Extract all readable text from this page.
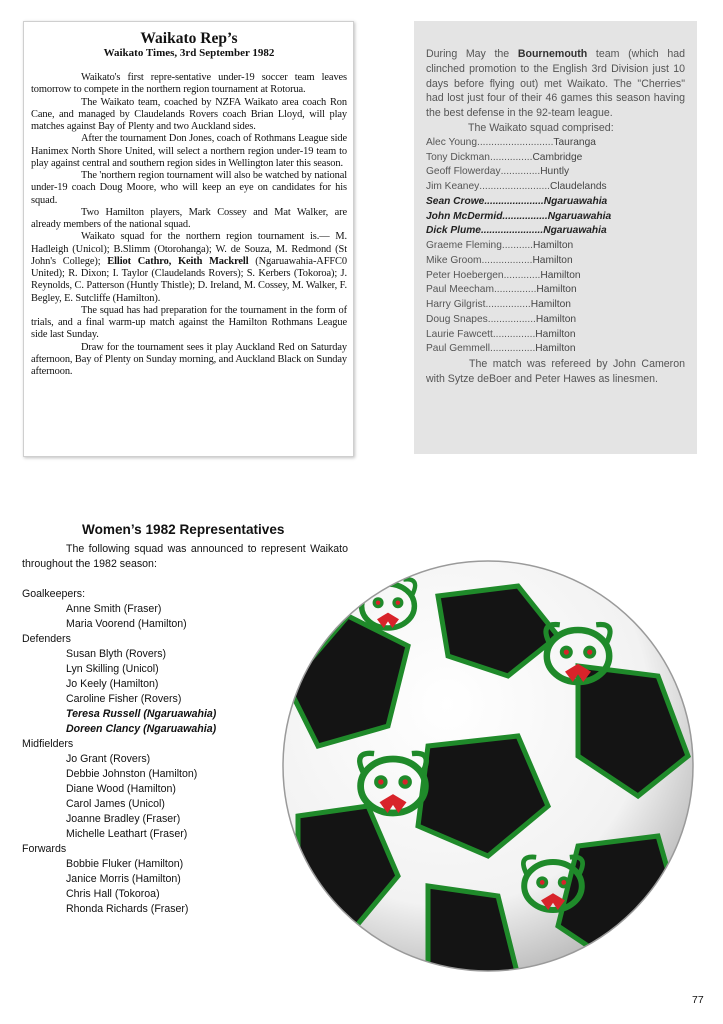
Waikato Rep’s
Waikato Times, 3rd September 1982

Waikato's first repre-sentative under-19 soccer team leaves tomorrow to compete in the northern region tournament at Rotorua.

The Waikato team, coached by NZFA Waikato area coach Ron Cane, and managed by Claudelands Rovers coach Brian Lloyd, will play matches against Bay of Plenty and two Auckland sides.

After the tournament Don Jones, coach of Rothmans League side Hanimex North Shore United, will select a northern region under-19 team to play against central and southern region sides in Wellington later this season.

The 'northern region tournament will also be watched by national under-19 coach Doug Moore, who will keep an eye on candidates for his squad.

Two Hamilton players, Mark Cossey and Mat Walker, are already members of the national squad.

Waikato squad for the northern region tournament is.— M. Hadleigh (Unicol); B.Slimm (Otorohanga); W. de Souza, M. Redmond (St John's College); Elliot Cathro, Keith Mackrell (Ngaruawahia-AFFC0 United); R. Dixon; I. Taylor (Claudelands Rovers); S. Kerbers (Tokoroa); J. Reynolds, C. Patterson (Huntly Thistle); D. Ireland, M. Cossey, M. Walker, F. Begley, E. Sutcliffe (Hamilton).

The squad has had preparation for the tournament in the form of trials, and a final warm-up match against the Hamilton Rothmans League side last Sunday.

Draw for the tournament sees it play Auckland Red on Saturday afternoon, Bay of Plenty on Sunday morning, and Auckland Black on Sunday afternoon.

During May the Bournemouth team (which had clinched promotion to the English 3rd Division just 10 days before flying out) met Waikato. The "Cherries" had lost just four of their 46 games this season having the best defense in the 92-team league.

The Waikato squad comprised:

Alec Young ........................... Tauranga
Tony Dickman ............... Cambridge
Geoff Flowerday .............. Huntly
Jim Keaney ......................... Claudelands
Sean Crowe ..................... Ngaruawahia
John McDermid ................ Ngaruawahia
Dick Plume ...................... Ngaruawahia
Graeme Fleming ........... Hamilton
Mike Groom .................. Hamilton
Peter Hoebergen ............. Hamilton
Paul Meecham ............... Hamilton
Harry Gilgrist ................ Hamilton
Doug Snapes ................. Hamilton
Laurie Fawcett ............... Hamilton
Paul Gemmell ................ Hamilton

The match was refereed by John Cameron with Sytze deBoer and Peter Hawes as linesmen.

Women’s 1982 Representatives

The following squad was announced to represent Waikato throughout the 1982 season:

Goalkeepers:

Anne Smith (Fraser)

Maria Voorend (Hamilton)

Defenders

Susan Blyth (Rovers)

Lyn Skilling (Unicol)

Jo Keely (Hamilton)

Caroline Fisher (Rovers)

Teresa Russell (Ngaruawahia)

Doreen Clancy (Ngaruawahia)

Midfielders

Jo Grant (Rovers)

Debbie Johnston (Hamilton)

Diane Wood (Hamilton)

Carol James (Unicol)

Joanne Bradley (Fraser)

Michelle Leathart (Fraser)

Forwards

Bobbie Fluker (Hamilton)

Janice Morris (Hamilton)

Chris Hall (Tokoroa)

Rhonda Richards (Fraser)

77
